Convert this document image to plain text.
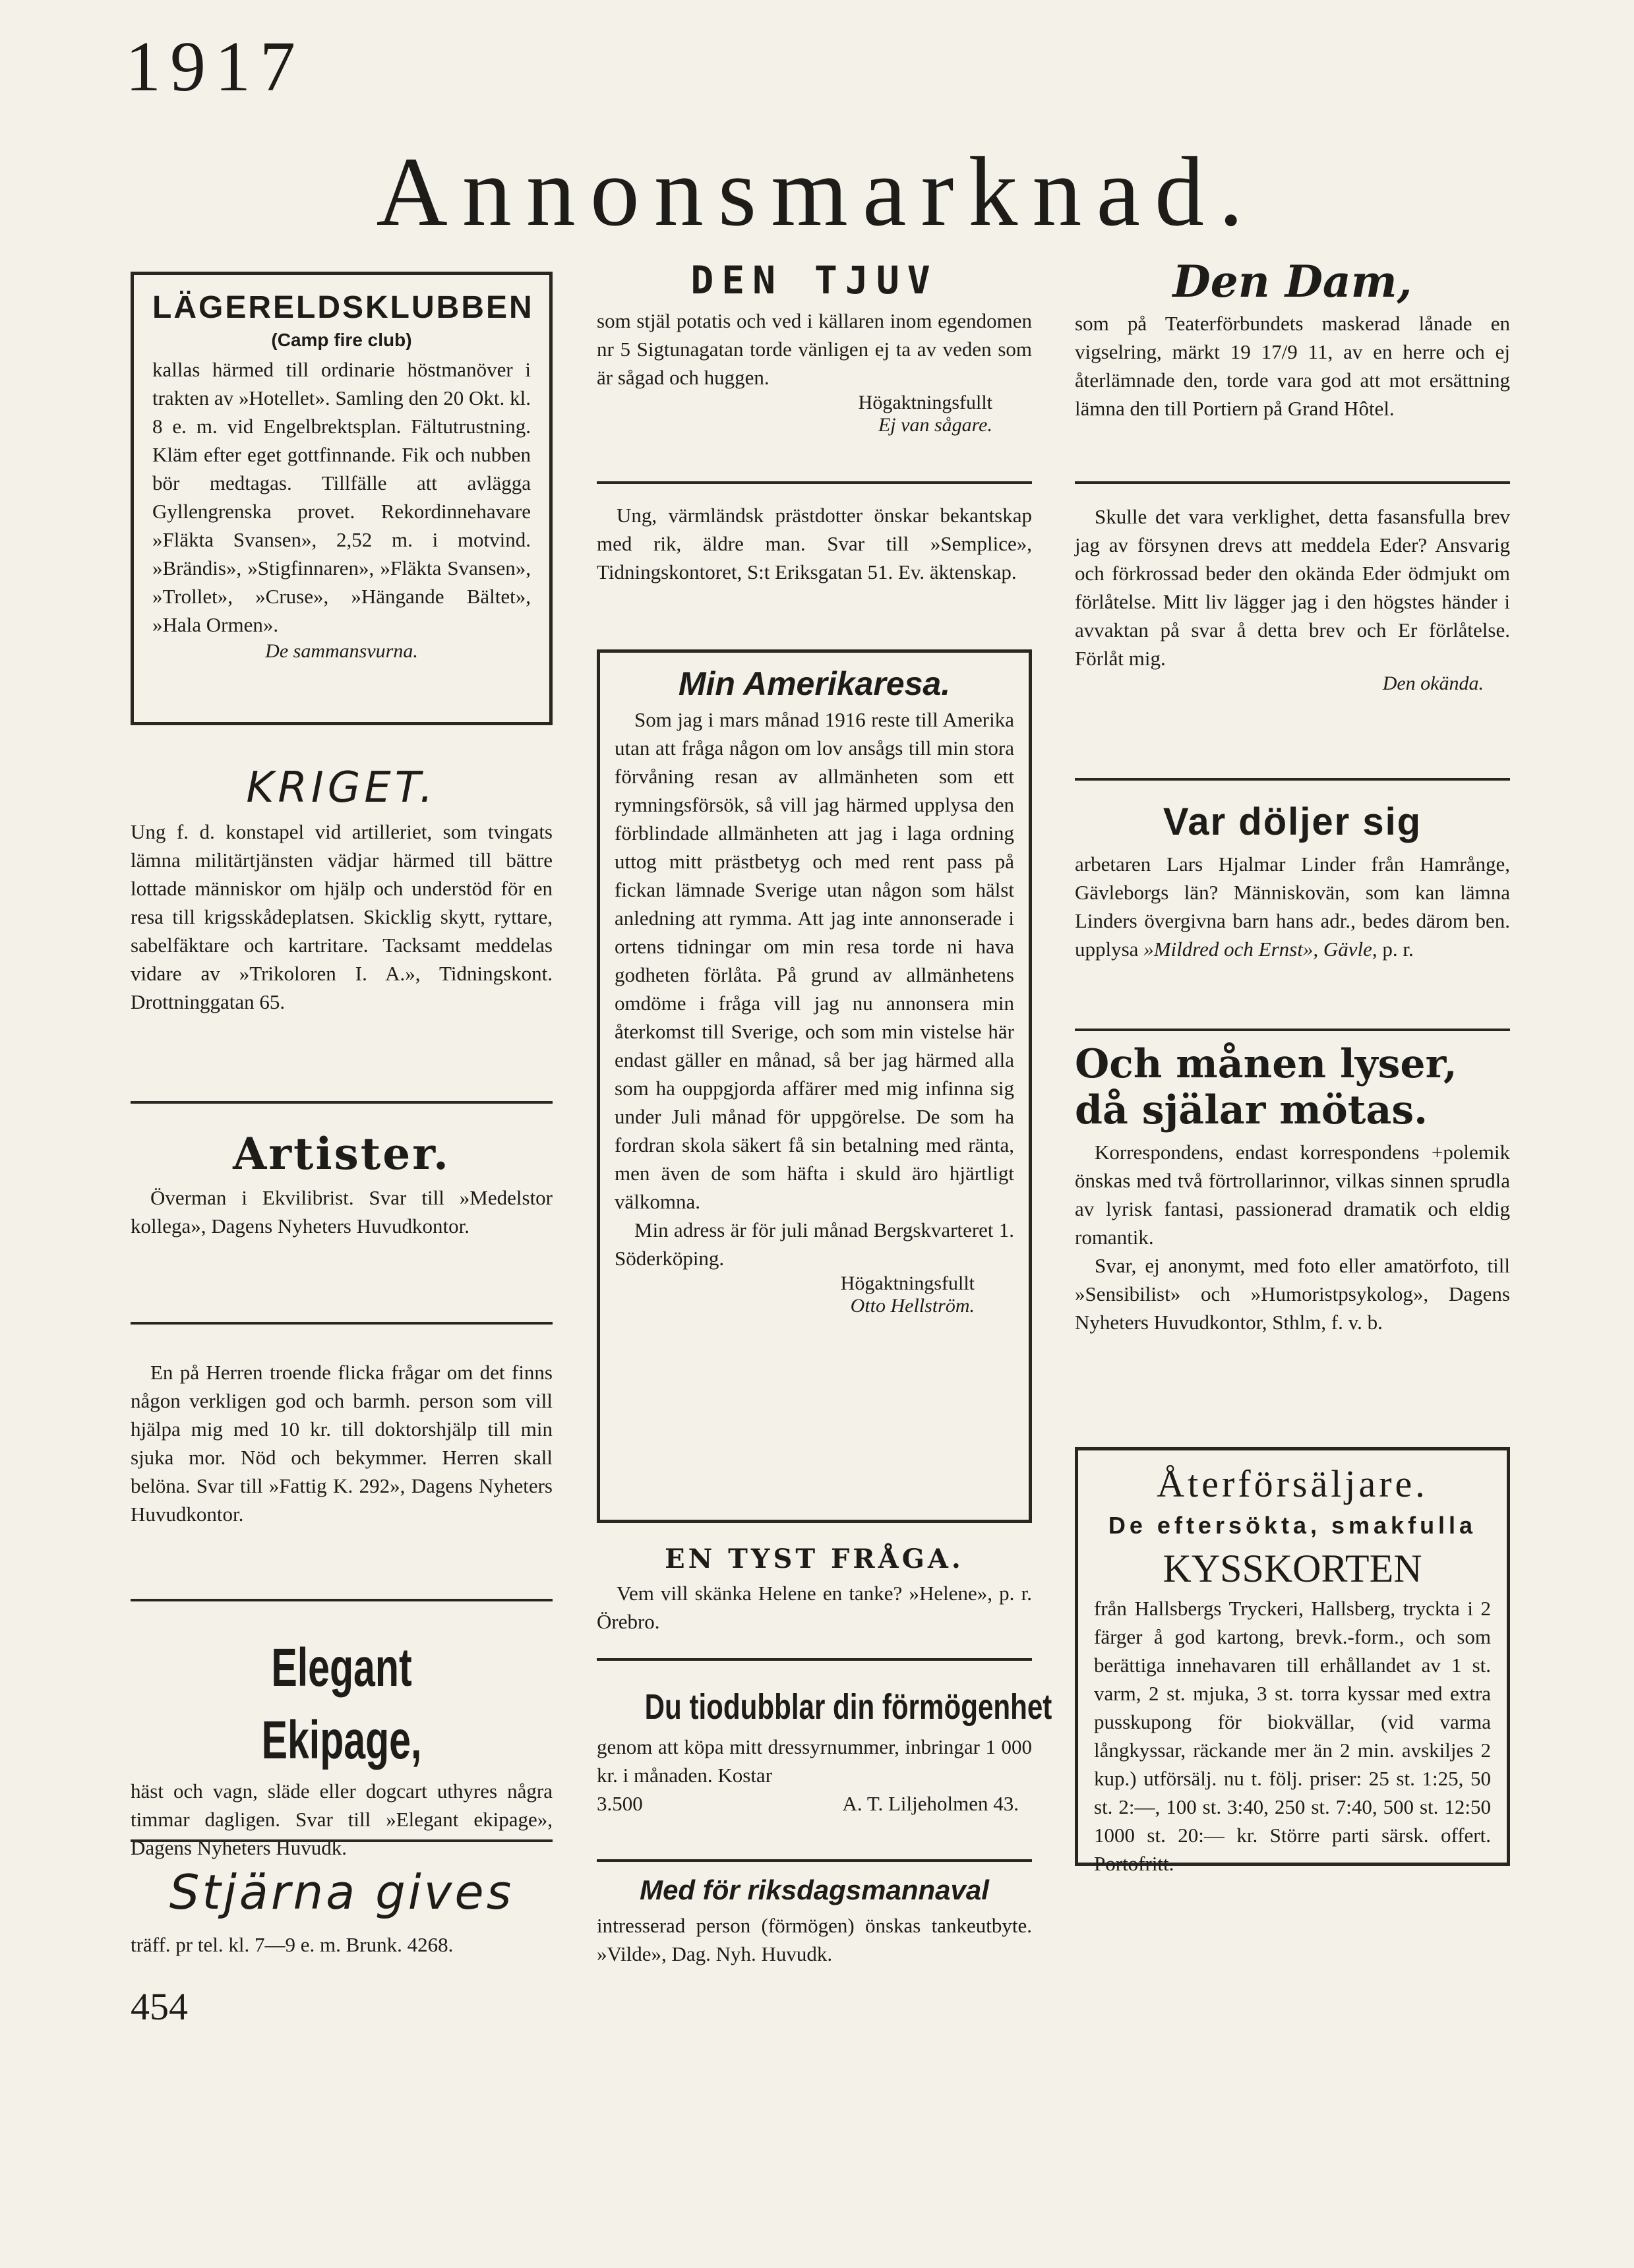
1917
Annonsmarknad.
LÄGERELDSKLUBBEN
(Camp fire club)

kallas härmed till ordinarie höstmanöver i trakten av »Hotellet». Samling den 20 Okt. kl. 8 e. m. vid Engelbrektsplan. Fältutrustning. Kläm efter eget gottfinnande. Fik och nubben bör medtagas. Tillfälle att avlägga Gyllengrenska provet. Rekordinnehavare »Fläkta Svansen», 2,52 m. i motvind. »Brändis», »Stigfinnaren», »Fläkta Svansen», »Trollet», »Cruse», »Hängande Bältet», »Hala Ormen».

De sammansvurna.
KRIGET.

Ung f. d. konstapel vid artilleriet, som tvingats lämna militärtjänsten vädjar härmed till bättre lottade människor om hjälp och understöd för en resa till krigsskådeplatsen. Skicklig skytt, ryttare, sabelfäktare och kartritare. Tacksamt meddelas vidare av »Trikoloren I. A.», Tidningskont. Drottninggatan 65.

Artister.

Överman i Ekvilibrist. Svar till »Medelstor kollega», Dagens Nyheters Huvudkontor.

En på Herren troende flicka frågar om det finns någon verkligen god och barmh. person som vill hjälpa mig med 10 kr. till doktorshjälp till min sjuka mor. Nöd och bekymmer. Herren skall belöna. Svar till »Fattig K. 292», Dagens Nyheters Huvudkontor.

Elegant Ekipage,

häst och vagn, släde eller dogcart uthyres några timmar dagligen. Svar till »Elegant ekipage», Dagens Nyheters Huvudk.

Stjärna gives

träff. pr tel. kl. 7—9 e. m. Brunk. 4268.

454
DEN TJUV

som stjäl potatis och ved i källaren inom egendomen nr 5 Sigtunagatan torde vänligen ej ta av veden som är sågad och huggen.

Högaktningsfullt
Ej van sågare.

Ung, värmländsk prästdotter önskar bekantskap med rik, äldre man. Svar till »Semplice», Tidningskontoret, S:t Eriksgatan 51. Ev. äktenskap.

Min Amerikaresa.

Som jag i mars månad 1916 reste till Amerika utan att fråga någon om lov ansågs till min stora förvåning resan av allmänheten som ett rymningsförsök, så vill jag härmed upplysa den förblindade allmänheten att jag i laga ordning uttog mitt prästbetyg och med rent pass på fickan lämnade Sverige utan någon som hälst anledning att rymma. Att jag inte annonserade i ortens tidningar om min resa torde ni hava godheten förlåta. På grund av allmänhetens omdöme i fråga vill jag nu annonsera min återkomst till Sverige, och som min vistelse här endast gäller en månad, så ber jag härmed alla som ha ouppgjorda affärer med mig infinna sig under Juli månad för uppgörelse. De som ha fordran skola säkert få sin betalning med ränta, men även de som häfta i skuld äro hjärtligt välkomna.

Min adress är för juli månad Bergskvarteret 1. Söderköping.

Högaktningsfullt
Otto Hellström.
EN TYST FRÅGA.

Vem vill skänka Helene en tanke? »Helene», p. r. Örebro.

Du tiodubblar din förmögenhet

genom att köpa mitt dressyrnummer, inbringar 1 000 kr. i månaden. Kostar

3.500	A. T. Liljeholmen 43.
Med för riksdagsmannaval

intresserad person (förmögen) önskas tankeutbyte. »Vilde», Dag. Nyh. Huvudk.

Den Dam,

som på Teaterförbundets maskerad lånade en vigselring, märkt 19 17/9 11, av en herre och ej återlämnade den, torde vara god att mot ersättning lämna den till Portiern på Grand Hôtel.

Skulle det vara verklighet, detta fasansfulla brev jag av försynen drevs att meddela Eder? Ansvarig och förkrossad beder den okända Eder ödmjukt om förlåtelse. Mitt liv lägger jag i den högstes händer i avvaktan på svar å detta brev och Er förlåtelse. Förlåt mig.

Den okända.
Var döljer sig

arbetaren Lars Hjalmar Linder från Hamrånge, Gävleborgs län? Människovän, som kan lämna Linders övergivna barn hans adr., bedes därom ben. upplysa »Mildred och Ernst», Gävle, p. r.

Och månen lyser,
då själar mötas.

Korrespondens, endast korrespondens +polemik önskas med två förtrollarinnor, vilkas sinnen sprudla av lyrisk fantasi, passionerad dramatik och eldig romantik.

Svar, ej anonymt, med foto eller amatörfoto, till »Sensibilist» och »Humoristpsykolog», Dagens Nyheters Huvudkontor, Sthlm, f. v. b.

Återförsäljare.
De eftersökta, smakfulla
KYSSKORTEN

från Hallsbergs Tryckeri, Hallsberg, tryckta i 2 färger å god kartong, brevk.-form., och som berättiga innehavaren till erhållandet av 1 st. varm, 2 st. mjuka, 3 st. torra kyssar med extra pusskupong för biokvällar, (vid varma långkyssar, räckande mer än 2 min. avskiljes 2 kup.) utförsälj. nu t. följ. priser: 25 st. 1:25, 50 st. 2:—, 100 st. 3:40, 250 st. 7:40, 500 st. 12:50 1000 st. 20:— kr. Större parti särsk. offert. Portofritt.
